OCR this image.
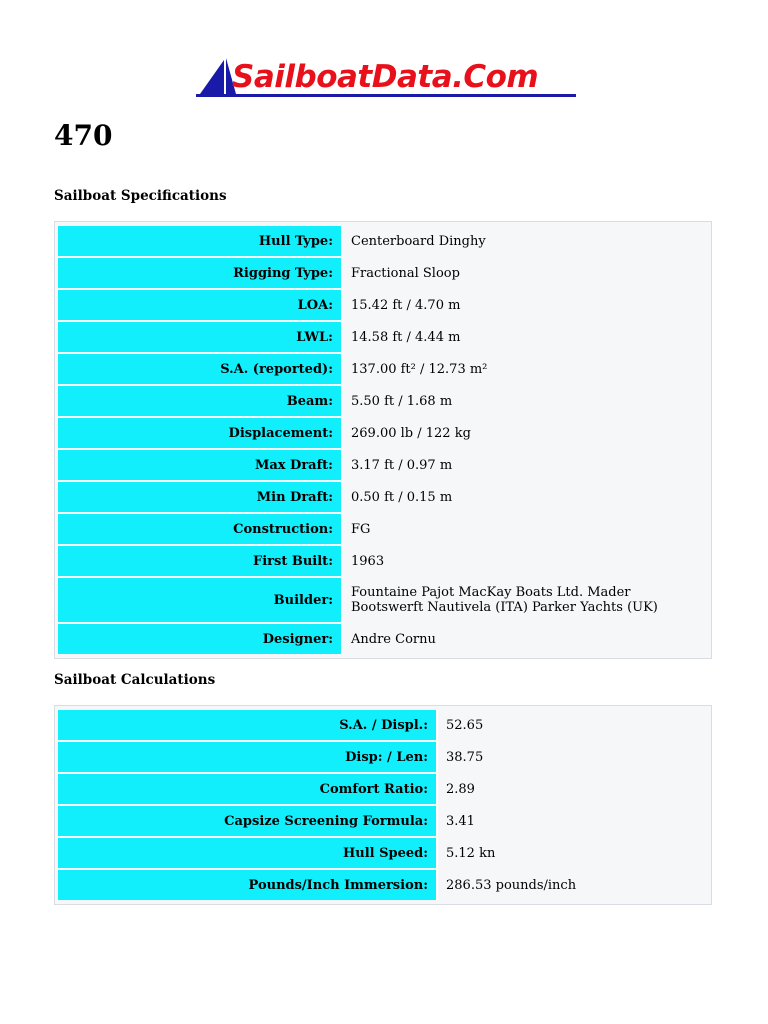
SailboatData.Com
470
Sailboat Specifications
Hull Type:	Centerboard Dinghy
Rigging Type:	Fractional Sloop
LOA:	15.42 ft / 4.70 m
LWL:	14.58 ft / 4.44 m
S.A. (reported):	137.00 ft² / 12.73 m²
Beam:	5.50 ft / 1.68 m
Displacement:	269.00 lb / 122 kg
Max Draft:	3.17 ft / 0.97 m
Min Draft:	0.50 ft / 0.15 m
Construction:	FG
First Built:	1963
Builder:	Fountaine Pajot MacKay Boats Ltd. Mader Bootswerft Nautivela (ITA) Parker Yachts (UK)
Designer:	Andre Cornu
Sailboat Calculations
S.A. / Displ.:	52.65
Disp: / Len:	38.75
Comfort Ratio:	2.89
Capsize Screening Formula:	3.41
Hull Speed:	5.12 kn
Pounds/Inch Immersion:	286.53 pounds/inch
